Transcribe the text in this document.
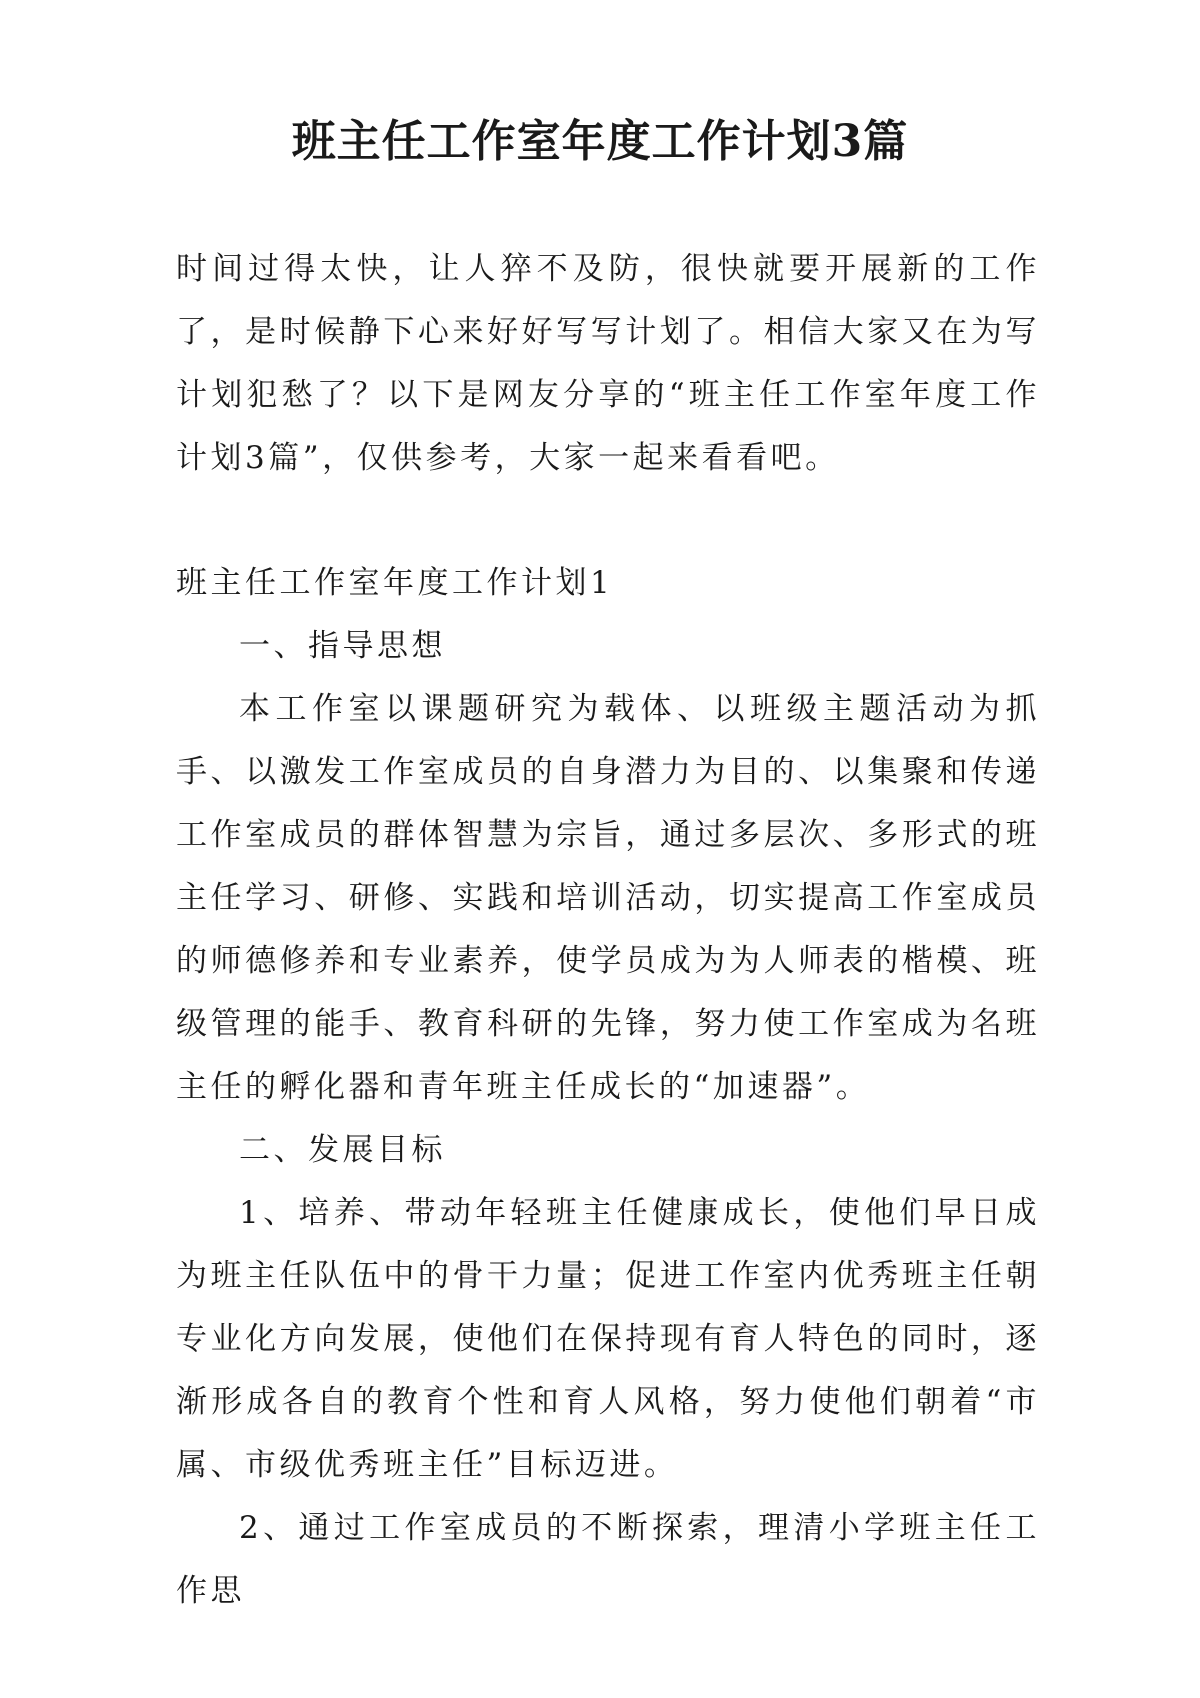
班主任工作室年度工作计划3篇

时间过得太快，让人猝不及防，很快就要开展新的工作了，是时候静下心来好好写写计划了。相信大家又在为写计划犯愁了？以下是网友分享的“班主任工作室年度工作计划3篇”，仅供参考，大家一起来看看吧。

班主任工作室年度工作计划1

一、指导思想

本工作室以课题研究为载体、以班级主题活动为抓手、以激发工作室成员的自身潜力为目的、以集聚和传递工作室成员的群体智慧为宗旨，通过多层次、多形式的班主任学习、研修、实践和培训活动，切实提高工作室成员的师德修养和专业素养，使学员成为为人师表的楷模、班级管理的能手、教育科研的先锋，努力使工作室成为名班主任的孵化器和青年班主任成长的“加速器”。

二、发展目标

1、培养、带动年轻班主任健康成长，使他们早日成为班主任队伍中的骨干力量；促进工作室内优秀班主任朝专业化方向发展，使他们在保持现有育人特色的同时，逐渐形成各自的教育个性和育人风格，努力使他们朝着“市属、市级优秀班主任”目标迈进。

2、通过工作室成员的不断探索，理清小学班主任工作思
